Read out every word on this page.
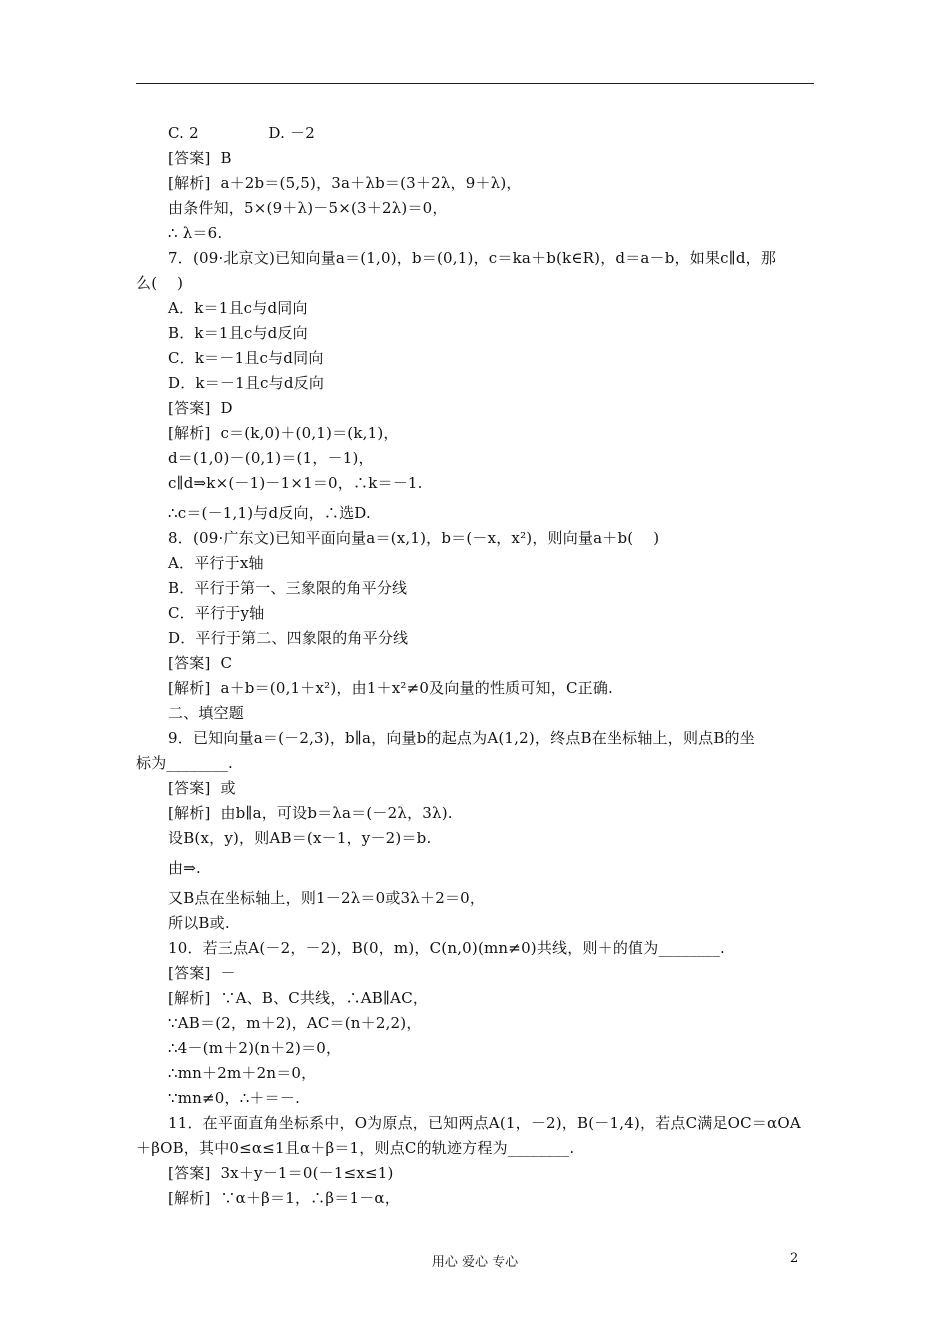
C. 2              D. －2
[答案]  B
[解析]  a＋2b＝(5,5)，3a＋λb＝(3＋2λ，9＋λ)，
由条件知，5×(9＋λ)－5×(3＋2λ)＝0，
∴ λ＝6.
7．(09·北京文)已知向量a＝(1,0)，b＝(0,1)，c＝ka＋b(k∈R)，d＝a－b，如果c∥d，那
么(    )
A．k＝1且c与d同向
B．k＝1且c与d反向
C．k＝－1且c与d同向
D．k＝－1且c与d反向
[答案]  D
[解析]  c＝(k,0)＋(0,1)＝(k,1)，
d＝(1,0)－(0,1)＝(1，－1)，
c∥d⇒k×(－1)－1×1＝0，∴k＝－1.
∴c＝(－1,1)与d反向，∴选D.
8．(09·广东文)已知平面向量a＝(x,1)，b＝(－x，x²)，则向量a＋b(    )
A．平行于x轴
B．平行于第一、三象限的角平分线
C．平行于y轴
D．平行于第二、四象限的角平分线
[答案]  C
[解析]  a＋b＝(0,1＋x²)，由1＋x²≠0及向量的性质可知，C正确.
二、填空题
9．已知向量a＝(－2,3)，b∥a，向量b的起点为A(1,2)，终点B在坐标轴上，则点B的坐
标为________.
[答案]  或
[解析]  由b∥a，可设b＝λa＝(－2λ，3λ).
设B(x，y)，则AB＝(x－1，y－2)＝b.
由⇒.
又B点在坐标轴上，则1－2λ＝0或3λ＋2＝0，
所以B或.
10．若三点A(－2，－2)，B(0，m)，C(n,0)(mn≠0)共线，则＋的值为________.
[答案]  －
[解析]  ∵A、B、C共线，∴AB∥AC，
∵AB＝(2，m＋2)，AC＝(n＋2,2)，
∴4－(m＋2)(n＋2)＝0，
∴mn＋2m＋2n＝0，
∵mn≠0，∴＋＝－.
11．在平面直角坐标系中，O为原点，已知两点A(1，－2)，B(－1,4)，若点C满足OC＝αOA
＋βOB，其中0≤α≤1且α＋β＝1，则点C的轨迹方程为________.
[答案]  3x＋y－1＝0(－1≤x≤1)
[解析]  ∵α＋β＝1，∴β＝1－α，
用心 爱心 专心	2
